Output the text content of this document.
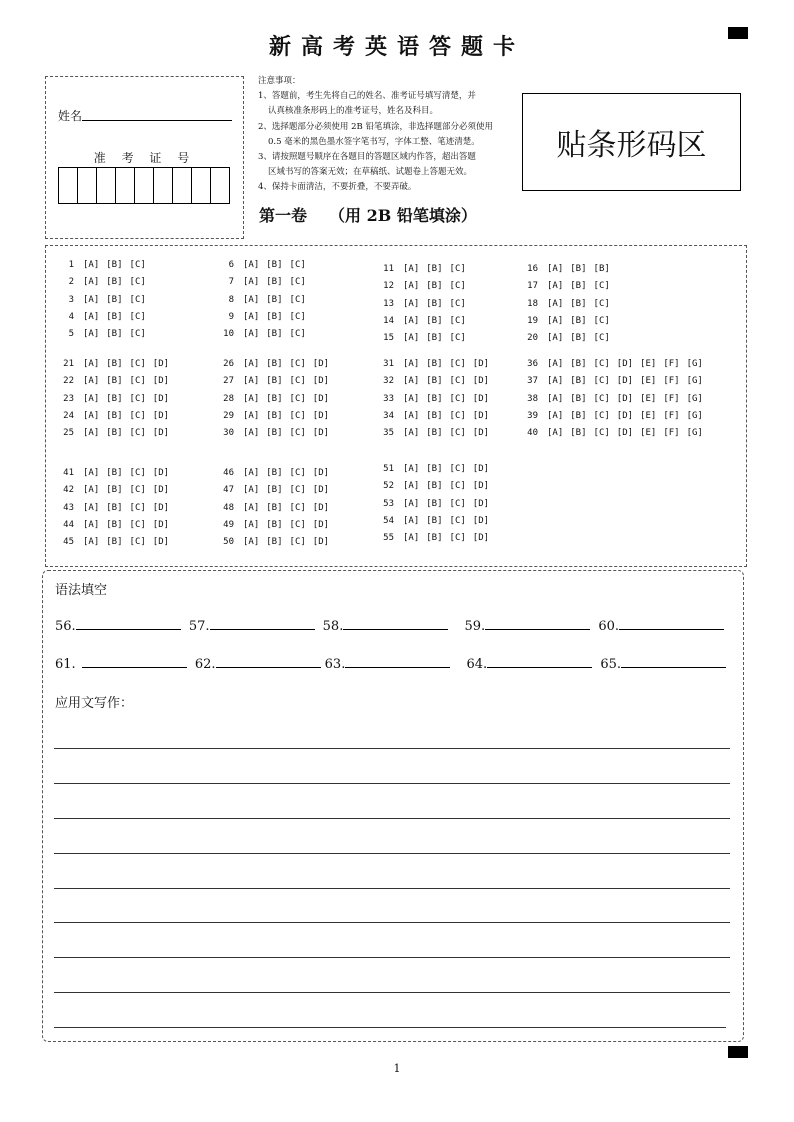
新高考英语答题卡
姓名
准 考 证 号
注意事项：
1、答题前，考生先将自己的姓名、准考证号填写清楚，并
认真核准条形码上的准考证号，姓名及科目。
2、选择题部分必须使用 2B 铅笔填涂，非选择题部分必须使用
0.5 毫米的黑色墨水签字笔书写，字体工整、笔迹清楚。
3、请按照题号顺序在各题目的答题区域内作答，超出答题
区域书写的答案无效；在草稿纸、试题卷上答题无效。
4、保持卡面清洁，不要折叠，不要弄破。
贴条形码区
第一卷 （用 2B 铅笔填涂）
1 [A] [B] [C]
2 [A] [B] [C]
3 [A] [B] [C]
4 [A] [B] [C]
5 [A] [B] [C]
6 [A] [B] [C]
7 [A] [B] [C]
8 [A] [B] [C]
9 [A] [B] [C]
10 [A] [B] [C]
11 [A] [B] [C]
12 [A] [B] [C]
13 [A] [B] [C]
14 [A] [B] [C]
15 [A] [B] [C]
16 [A] [B] [B]
17 [A] [B] [C]
18 [A] [B] [C]
19 [A] [B] [C]
20 [A] [B] [C]
21 [A] [B] [C] [D]
22 [A] [B] [C] [D]
23 [A] [B] [C] [D]
24 [A] [B] [C] [D]
25 [A] [B] [C] [D]
26 [A] [B] [C] [D]
27 [A] [B] [C] [D]
28 [A] [B] [C] [D]
29 [A] [B] [C] [D]
30 [A] [B] [C] [D]
31 [A] [B] [C] [D]
32 [A] [B] [C] [D]
33 [A] [B] [C] [D]
34 [A] [B] [C] [D]
35 [A] [B] [C] [D]
36 [A] [B] [C] [D] [E] [F] [G]
37 [A] [B] [C] [D] [E] [F] [G]
38 [A] [B] [C] [D] [E] [F] [G]
39 [A] [B] [C] [D] [E] [F] [G]
40 [A] [B] [C] [D] [E] [F] [G]
41 [A] [B] [C] [D]
42 [A] [B] [C] [D]
43 [A] [B] [C] [D]
44 [A] [B] [C] [D]
45 [A] [B] [C] [D]
46 [A] [B] [C] [D]
47 [A] [B] [C] [D]
48 [A] [B] [C] [D]
49 [A] [B] [C] [D]
50 [A] [B] [C] [D]
51 [A] [B] [C] [D]
52 [A] [B] [C] [D]
53 [A] [B] [C] [D]
54 [A] [B] [C] [D]
55 [A] [B] [C] [D]
语法填空
56.	57.	58.	59.	60.
61.	62.	63.	64.	65.
应用文写作：
1
